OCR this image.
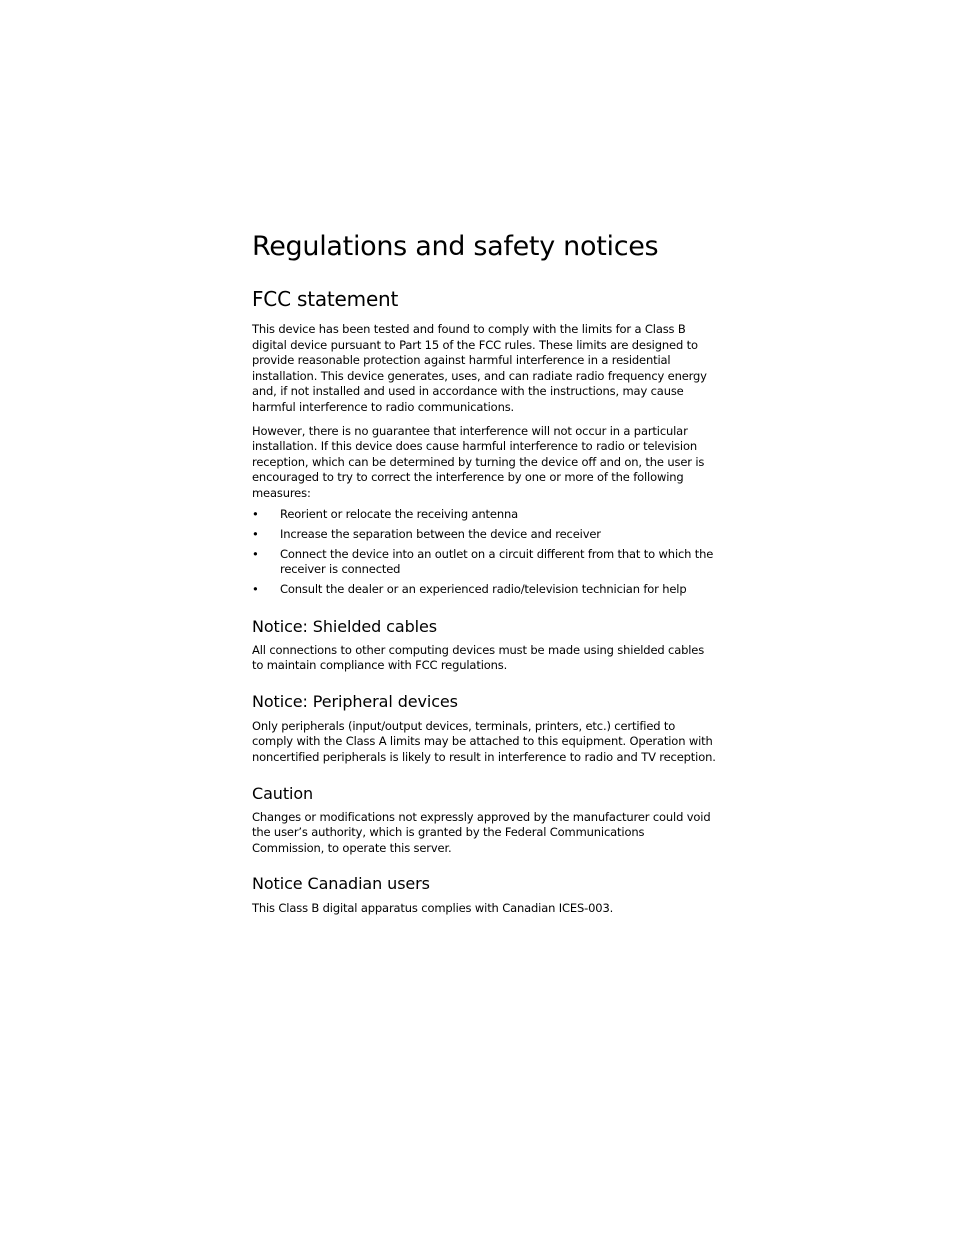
Regulations and safety notices
FCC statement

This device has been tested and found to comply with the limits for a Class B digital device pursuant to Part 15 of the FCC rules. These limits are designed to provide reasonable protection against harmful interference in a residential installation. This device generates, uses, and can radiate radio frequency energy and, if not installed and used in accordance with the instructions, may cause harmful interference to radio communications.

However, there is no guarantee that interference will not occur in a particular installation. If this device does cause harmful interference to radio or television reception, which can be determined by turning the device off and on, the user is encouraged to try to correct the interference by one or more of the following measures:

• Reorient or relocate the receiving antenna
• Increase the separation between the device and receiver
• Connect the device into an outlet on a circuit different from that to which the receiver is connected
• Consult the dealer or an experienced radio/television technician for help
Notice: Shielded cables

All connections to other computing devices must be made using shielded cables to maintain compliance with FCC regulations.

Notice: Peripheral devices

Only peripherals (input/output devices, terminals, printers, etc.) certified to comply with the Class A limits may be attached to this equipment. Operation with noncertified peripherals is likely to result in interference to radio and TV reception.

Caution

Changes or modifications not expressly approved by the manufacturer could void the user’s authority, which is granted by the Federal Communications Commission, to operate this server.

Notice Canadian users

This Class B digital apparatus complies with Canadian ICES-003.
